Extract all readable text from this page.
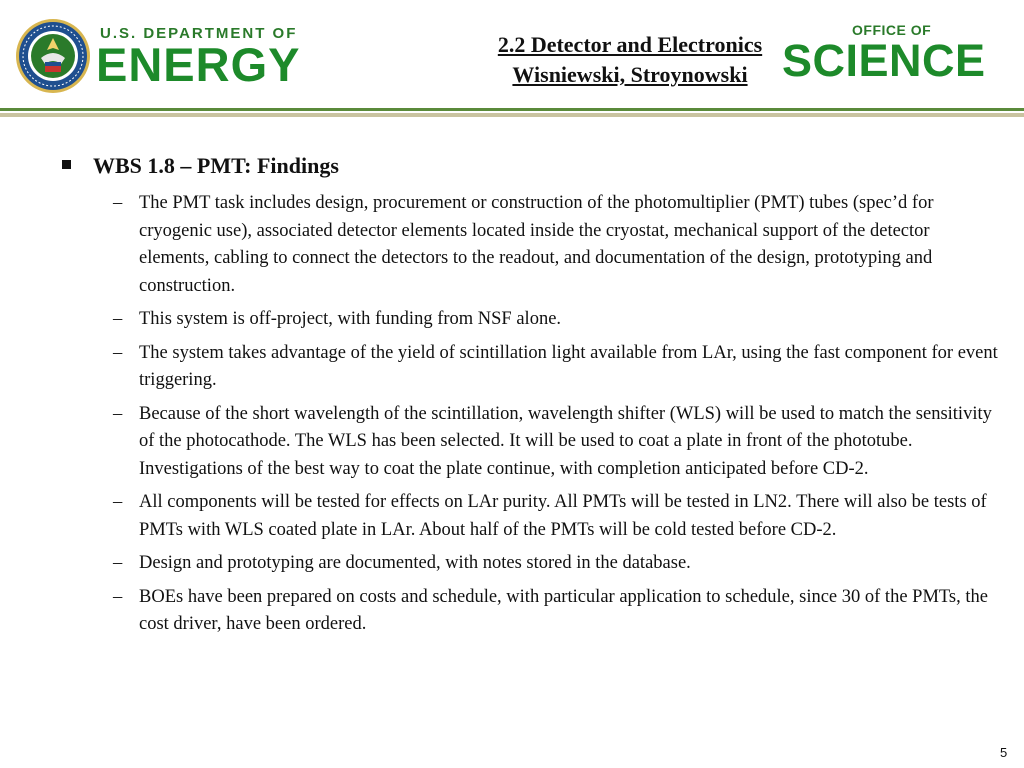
U.S. DEPARTMENT OF
ENERGY	2.2 Detector and Electronics
Wisniewski, Stroynowski
OFFICE OF
SCIENCE
WBS 1.8 – PMT: Findings
– The PMT task includes design, procurement or construction of the photomultiplier (PMT) tubes (spec’d for cryogenic use), associated detector elements located inside the cryostat, mechanical support of the detector elements, cabling to connect the detectors to the readout, and documentation of the design, prototyping and construction.
– This system is off-project, with funding from NSF alone.
– The system takes advantage of the yield of scintillation light available from LAr, using the fast component for event triggering.
– Because of the short wavelength of the scintillation, wavelength shifter (WLS) will be used to match the sensitivity of the photocathode. The WLS has been selected. It will be used to coat a plate in front of the phototube. Investigations of the best way to coat the plate continue, with completion anticipated before CD-2.
– All components will be tested for effects on LAr purity. All PMTs will be tested in LN2. There will also be tests of PMTs with WLS coated plate in LAr. About half of the PMTs will be cold tested before CD-2.
– Design and prototyping are documented, with notes stored in the database.
– BOEs have been prepared on costs and schedule, with particular application to schedule, since 30 of the PMTs, the cost driver, have been ordered.
5
